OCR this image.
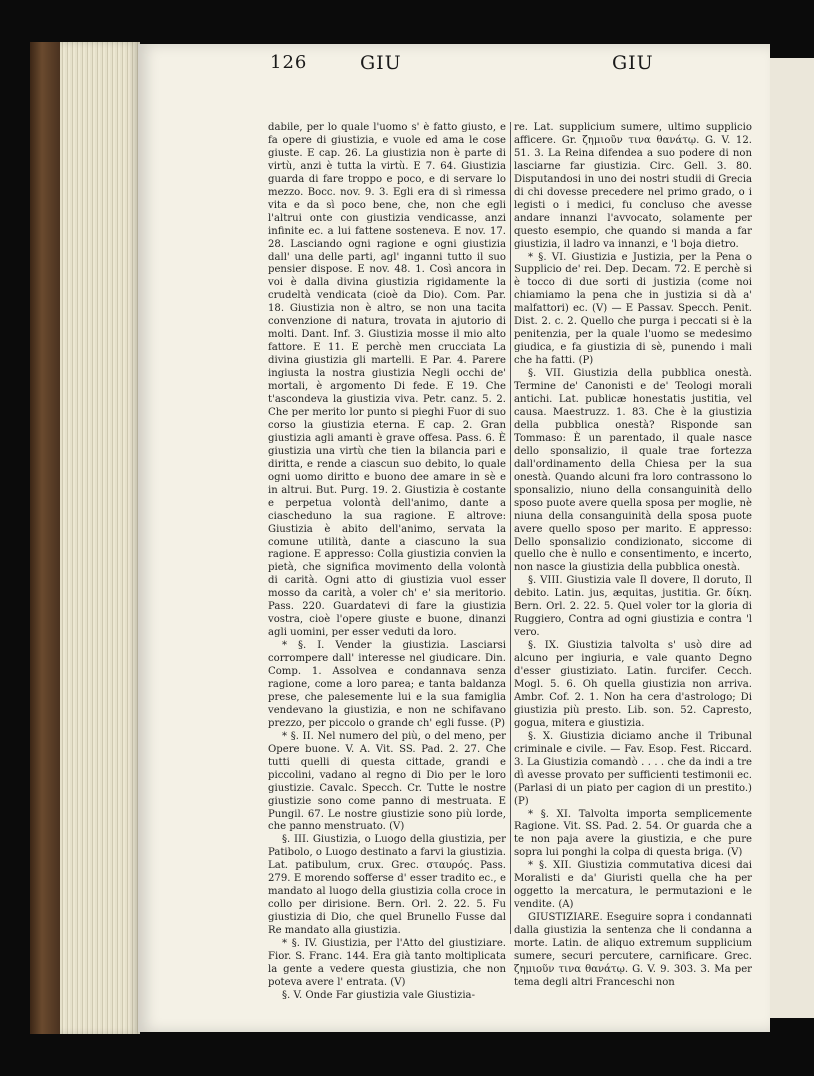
126	GIU	GIU

dabile, per lo quale l'uomo s' è fatto giusto, e fa opere di giustizia, e vuole ed ama le cose giuste. E cap. 26. La giustizia non è parte di virtù, anzi è tutta la virtù. E 7. 64. Giustizia guarda di fare troppo e poco, e di servare lo mezzo. Bocc. nov. 9. 3. Egli era di sì rimessa vita e da sì poco bene, che, non che egli l'altrui onte con giustizia vendicasse, anzi infinite ec. a lui fattene sosteneva. E nov. 17. 28. Lasciando ogni ragione e ogni giustizia dall' una delle parti, agl' inganni tutto il suo pensier dispose. E nov. 48. 1. Così ancora in voi è dalla divina giustizia rigidamente la crudeltà vendicata (cioè da Dio). Com. Par. 18. Giustizia non è altro, se non una tacita convenzione di natura, trovata in ajutorio di molti. Dant. Inf. 3. Giustizia mosse il mio alto fattore. E 11. E perchè men crucciata La divina giustizia gli martelli. E Par. 4. Parere ingiusta la nostra giustizia Negli occhi de' mortali, è argomento Di fede. E 19. Che t'ascondeva la giustizia viva. Petr. canz. 5. 2. Che per merito lor punto si pieghi Fuor di suo corso la giustizia eterna. E cap. 2. Gran giustizia agli amanti è grave offesa. Pass. 6. È giustizia una virtù che tien la bilancia pari e diritta, e rende a ciascun suo debito, lo quale ogni uomo diritto e buono dee amare in sè e in altrui. But. Purg. 19. 2. Giustizia è costante e perpetua volontà dell'animo, dante a ciascheduno la sua ragione. E altrove: Giustizia è abito dell'animo, servata la comune utilità, dante a ciascuno la sua ragione. E appresso: Colla giustizia convien la pietà, che significa movimento della volontà di carità. Ogni atto di giustizia vuol esser mosso da carità, a voler ch' e' sia meritorio. Pass. 220. Guardatevi di fare la giustizia vostra, cioè l'opere giuste e buone, dinanzi agli uomini, per esser veduti da loro.

* §. I. Vender la giustizia. Lasciarsi corrompere dall' interesse nel giudicare. Din. Comp. 1. Assolvea e condannava senza ragione, come a loro parea; e tanta baldanza prese, che palesemente lui e la sua famiglia vendevano la giustizia, e non ne schifavano prezzo, per piccolo o grande ch' egli fusse. (P)

* §. II. Nel numero del più, o del meno, per Opere buone. V. A. Vit. SS. Pad. 2. 27. Che tutti quelli di questa cittade, grandi e piccolini, vadano al regno di Dio per le loro giustizie. Cavalc. Specch. Cr. Tutte le nostre giustizie sono come panno di mestruata. E Pungil. 67. Le nostre giustizie sono più lorde, che panno menstruato. (V)

§. III. Giustizia, o Luogo della giustizia, per Patibolo, o Luogo destinato a farvi la giustizia. Lat. patibulum, crux. Grec. σταυρός. Pass. 279. E morendo sofferse d' esser tradito ec., e mandato al luogo della giustizia colla croce in collo per dirisione. Bern. Orl. 2. 22. 5. Fu giustizia di Dio, che quel Brunello Fusse dal Re mandato alla giustizia.

* §. IV. Giustizia, per l'Atto del giustiziare. Fior. S. Franc. 144. Era già tanto moltiplicata la gente a vedere questa giustizia, che non poteva avere l' entrata. (V)

§. V. Onde Far giustizia vale Giustizia-

re. Lat. supplicium sumere, ultimo supplicio afficere. Gr. ζημιοῦν τινα θανάτῳ. G. V. 12. 51. 3. La Reina difendea a suo podere di non lasciarne far giustizia. Circ. Gell. 3. 80. Disputandosi in uno dei nostri studii di Grecia di chi dovesse precedere nel primo grado, o i legisti o i medici, fu concluso che avesse andare innanzi l'avvocato, solamente per questo esempio, che quando si manda a far giustizia, il ladro va innanzi, e 'l boja dietro.

* §. VI. Giustizia e Justizia, per la Pena o Supplicio de' rei. Dep. Decam. 72. E perchè si è tocco di due sorti di justizia (come noi chiamiamo la pena che in justizia si dà a' malfattori) ec. (V) — E Passav. Specch. Penit. Dist. 2. c. 2. Quello che purga i peccati si è la penitenzia, per la quale l'uomo se medesimo giudica, e fa giustizia di sè, punendo i mali che ha fatti. (P)

§. VII. Giustizia della pubblica onestà. Termine de' Canonisti e de' Teologi morali antichi. Lat. publicæ honestatis justitia, vel causa. Maestruzz. 1. 83. Che è la giustizia della pubblica onestà? Risponde san Tommaso: È un parentado, il quale nasce dello sponsalizio, il quale trae fortezza dall'ordinamento della Chiesa per la sua onestà. Quando alcuni fra loro contrassono lo sponsalizio, niuno della consanguinità dello sposo puote avere quella sposa per moglie, nè niuna della consanguinità della sposa puote avere quello sposo per marito. E appresso: Dello sponsalizio condizionato, siccome di quello che è nullo e consentimento, e incerto, non nasce la giustizia della pubblica onestà.

§. VIII. Giustizia vale Il dovere, Il doruto, Il debito. Latin. jus, æquitas, justitia. Gr. δίκη. Bern. Orl. 2. 22. 5. Quel voler tor la gloria di Ruggiero, Contra ad ogni giustizia e contra 'l vero.

§. IX. Giustizia talvolta s' usò dire ad alcuno per ingiuria, e vale quanto Degno d'esser giustiziato. Latin. furcifer. Cecch. Mogl. 5. 6. Oh quella giustizia non arriva. Ambr. Cof. 2. 1. Non ha cera d'astrologo; Di giustizia più presto. Lib. son. 52. Capresto, gogua, mitera e giustizia.

§. X. Giustizia diciamo anche il Tribunal criminale e civile. — Fav. Esop. Fest. Riccard. 3. La Giustizia comandò . . . . che da indi a tre dì avesse provato per sufficienti testimonii ec. (Parlasi di un piato per cagion di un prestito.) (P)

* §. XI. Talvolta importa semplicemente Ragione. Vit. SS. Pad. 2. 54. Or guarda che a te non paja avere la giustizia, e che pure sopra lui ponghi la colpa di questa briga. (V)

* §. XII. Giustizia commutativa dicesi dai Moralisti e da' Giuristi quella che ha per oggetto la mercatura, le permutazioni e le vendite. (A)

GIUSTIZIARE. Eseguire sopra i condannati dalla giustizia la sentenza che li condanna a morte. Latin. de aliquo extremum supplicium sumere, securi percutere, carnificare. Grec. ζημιοῦν τινα θανάτῳ. G. V. 9. 303. 3. Ma per tema degli altri Franceschi non
